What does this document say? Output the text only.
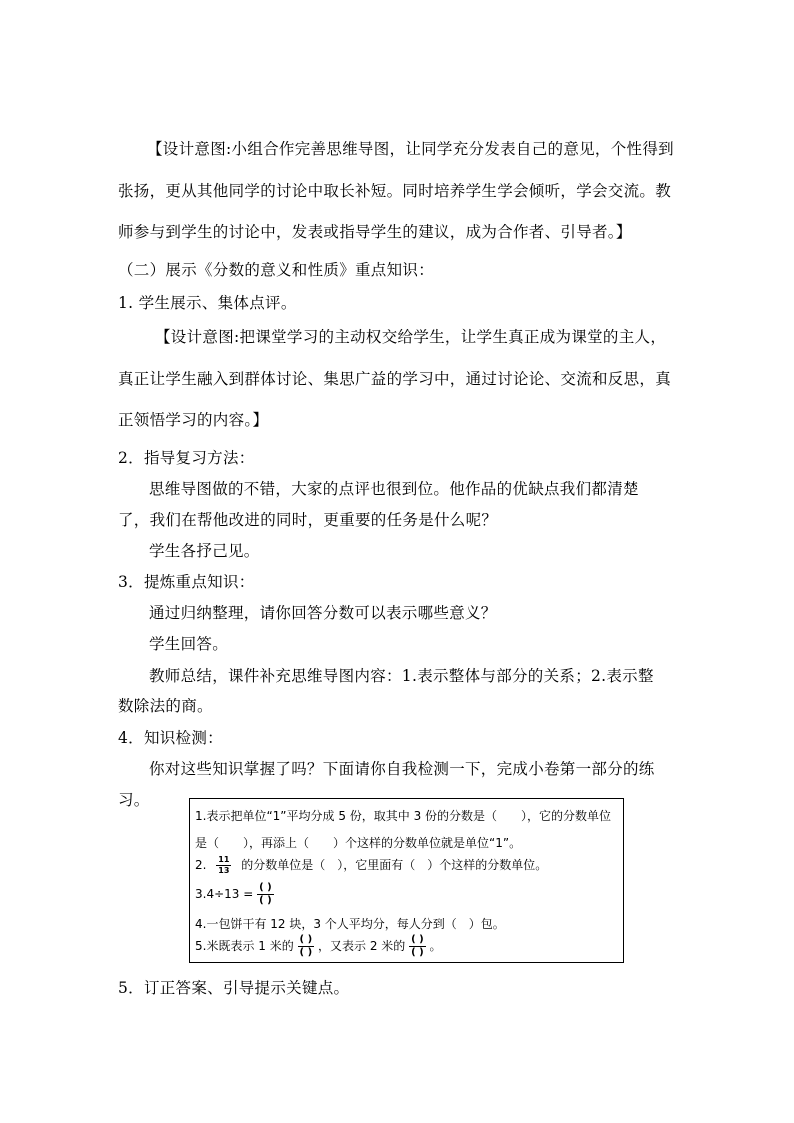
【设计意图:小组合作完善思维导图，让同学充分发表自己的意见，个性得到
张扬，更从其他同学的讨论中取长补短。同时培养学生学会倾听，学会交流。教
师参与到学生的讨论中，发表或指导学生的建议，成为合作者、引导者。】
（二）展示《分数的意义和性质》重点知识：
1. 学生展示、集体点评。
【设计意图:把课堂学习的主动权交给学生，让学生真正成为课堂的主人，
真正让学生融入到群体讨论、集思广益的学习中，通过讨论论、交流和反思，真
正领悟学习的内容。】
2．指导复习方法：
思维导图做的不错，大家的点评也很到位。他作品的优缺点我们都清楚
了，我们在帮他改进的同时，更重要的任务是什么呢？
学生各抒己见。
3．提炼重点知识：
通过归纳整理，请你回答分数可以表示哪些意义？
学生回答。
教师总结，课件补充思维导图内容：1.表示整体与部分的关系；2.表示整
数除法的商。
4．知识检测：
你对这些知识掌握了吗？下面请你自我检测一下，完成小卷第一部分的练
习。
1.表示把单位“1”平均分成 5 份，取其中 3 份的分数是（　　），它的分数单位
是（　　），再添上（　　）个这样的分数单位就是单位“1”。
2. $\frac{11}{13}$ 的分数单位是（　），它里面有（　）个这样的分数单位。
$3.4\div 13 = \frac{( )}{( )}$
4.一包饼干有 12 块，3 个人平均分，每人分到（　）包。
5.米既表示 1 米的 $\frac{( )}{( )}$ ，又表示 2 米的 $\frac{( )}{( )}$ 。
5．订正答案、引导提示关键点。
